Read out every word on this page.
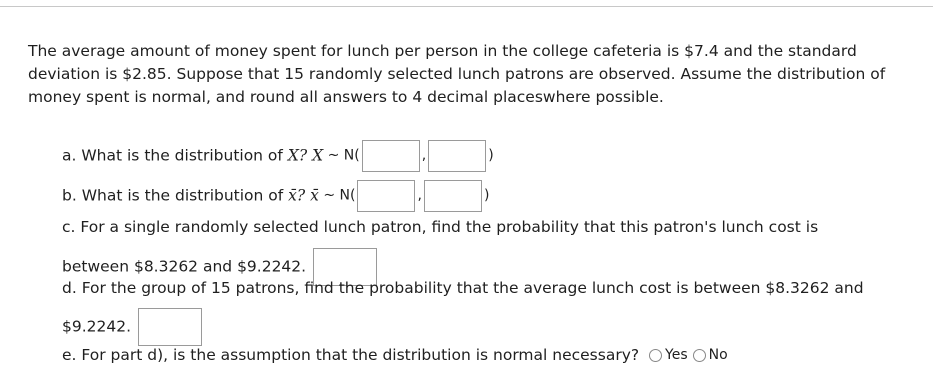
The average amount of money spent for lunch per person in the college cafeteria is $7.4 and the standard deviation is $2.85. Suppose that 15 randomly selected lunch patrons are observed. Assume the distribution of money spent is normal, and round all answers to 4 decimal placeswhere possible.
a. What is the distribution of X? X ~ N(	,	)
b. What is the distribution of x̄? x̄ ~ N(	,	)
c. For a single randomly selected lunch patron, find the probability that this patron's lunch cost is
between $8.3262 and $9.2242.
d. For the group of 15 patrons, find the probability that the average lunch cost is between $8.3262 and
$9.2242.
e. For part d), is the assumption that the distribution is normal necessary? Yes No
